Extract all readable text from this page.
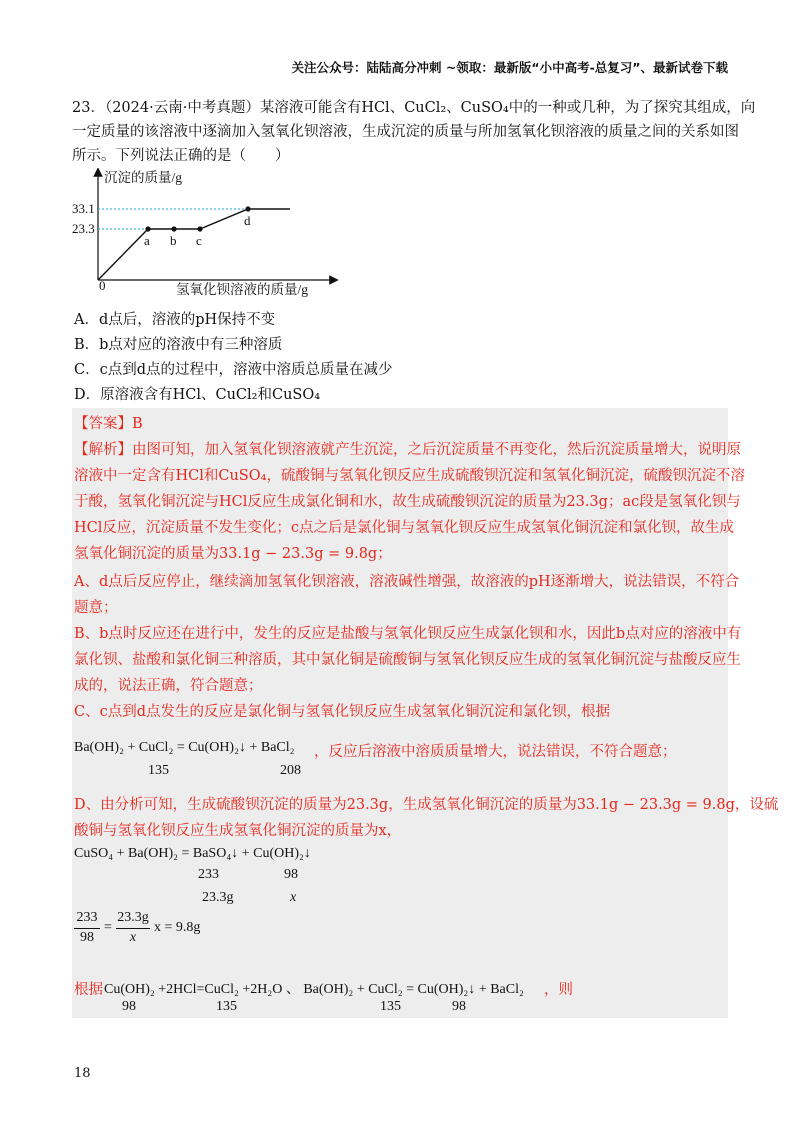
关注公众号：陆陆高分冲刺 ~领取：最新版“小中高考-总复习”、最新试卷下载

23．（2024·云南·中考真题）某溶液可能含有HCl、CuCl₂、CuSO₄中的一种或几种，为了探究其组成，向

一定质量的该溶液中逐滴加入氢氧化钡溶液，生成沉淀的质量与所加氢氧化钡溶液的质量之间的关系如图

所示。下列说法正确的是（　　）

沉淀的质量/g
氢氧化钡溶液的质量/g
0
33.1
23.3
a b c
d
A．d点后，溶液的pH保持不变
B．b点对应的溶液中有三种溶质
C．c点到d点的过程中，溶液中溶质总质量在减少
D．原溶液含有HCl、CuCl₂和CuSO₄
【答案】B
【解析】由图可知，加入氢氧化钡溶液就产生沉淀，之后沉淀质量不再变化，然后沉淀质量增大，说明原
溶液中一定含有HCl和CuSO₄，硫酸铜与氢氧化钡反应生成硫酸钡沉淀和氢氧化铜沉淀，硫酸钡沉淀不溶
于酸，氢氧化铜沉淀与HCl反应生成氯化铜和水，故生成硫酸钡沉淀的质量为23.3g；ac段是氢氧化钡与
HCl反应，沉淀质量不发生变化；c点之后是氯化铜与氢氧化钡反应生成氢氧化铜沉淀和氯化钡，故生成
氢氧化铜沉淀的质量为33.1g − 23.3g = 9.8g；
A、d点后反应停止，继续滴加氢氧化钡溶液，溶液碱性增强，故溶液的pH逐渐增大，说法错误，不符合
题意；
B、b点时反应还在进行中，发生的反应是盐酸与氢氧化钡反应生成氯化钡和水，因此b点对应的溶液中有
氯化钡、盐酸和氯化铜三种溶质，其中氯化铜是硫酸铜与氢氧化钡反应生成的氢氧化铜沉淀与盐酸反应生
成的，说法正确，符合题意；
C、c点到d点发生的反应是氯化铜与氢氧化钡反应生成氢氧化铜沉淀和氯化钡，根据
Ba(OH)₂ + CuCl₂ = Cu(OH)₂↓ + BaCl₂ ，反应后溶液中溶质质量增大，说法错误，不符合题意；
135	208
D、由分析可知，生成硫酸钡沉淀的质量为23.3g，生成氢氧化铜沉淀的质量为33.1g − 23.3g = 9.8g，设硫
酸铜与氢氧化钡反应生成氢氧化铜沉淀的质量为x，
CuSO₄ + Ba(OH)₂ = BaSO₄↓ + Cu(OH)₂↓
233	98
23.3g	x
233
98
=
23.3g
x
x = 9.8g
根据 Cu(OH)₂ +2HCl=CuCl₂ +2H₂O 、 Ba(OH)₂ + CuCl₂ = Cu(OH)₂↓ + BaCl₂ ，则
98	135	135	98
18
